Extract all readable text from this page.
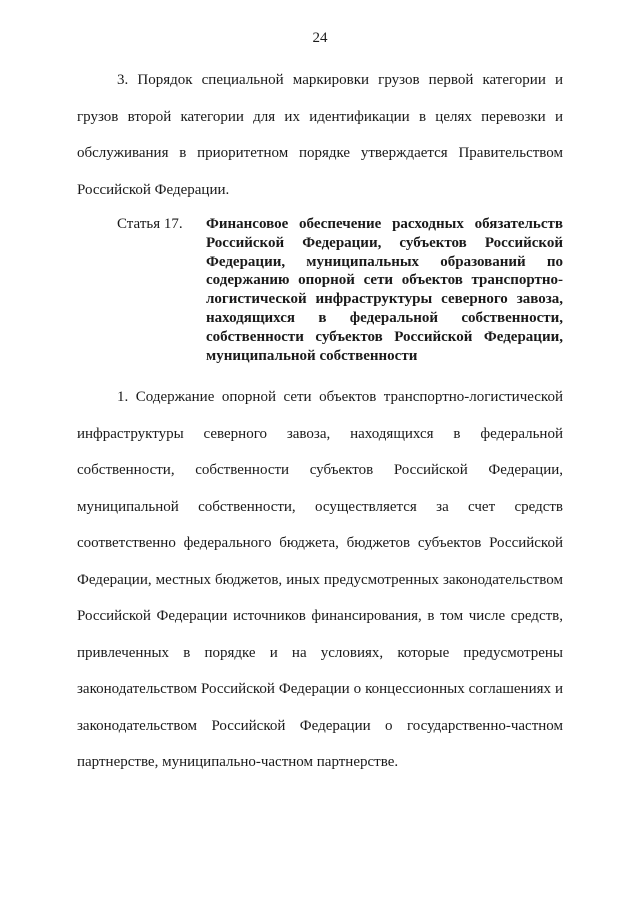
24

3. Порядок специальной маркировки грузов первой категории и грузов второй категории для их идентификации в целях перевозки и обслуживания в приоритетном порядке утверждается Правительством Российской Федерации.

Статья 17. Финансовое обеспечение расходных обязательств Российской Федерации, субъектов Российской Федерации, муниципальных образований по содержанию опорной сети объектов транспортно-логистической инфраструктуры северного завоза, находящихся в федеральной собственности, собственности субъектов Российской Федерации, муниципальной собственности

1. Содержание опорной сети объектов транспортно-логистической инфраструктуры северного завоза, находящихся в федеральной собственности, собственности субъектов Российской Федерации, муниципальной собственности, осуществляется за счет средств соответственно федерального бюджета, бюджетов субъектов Российской Федерации, местных бюджетов, иных предусмотренных законодательством Российской Федерации источников финансирования, в том числе средств, привлеченных в порядке и на условиях, которые предусмотрены законодательством Российской Федерации о концессионных соглашениях и законодательством Российской Федерации о государственно-частном партнерстве, муниципально-частном партнерстве.
